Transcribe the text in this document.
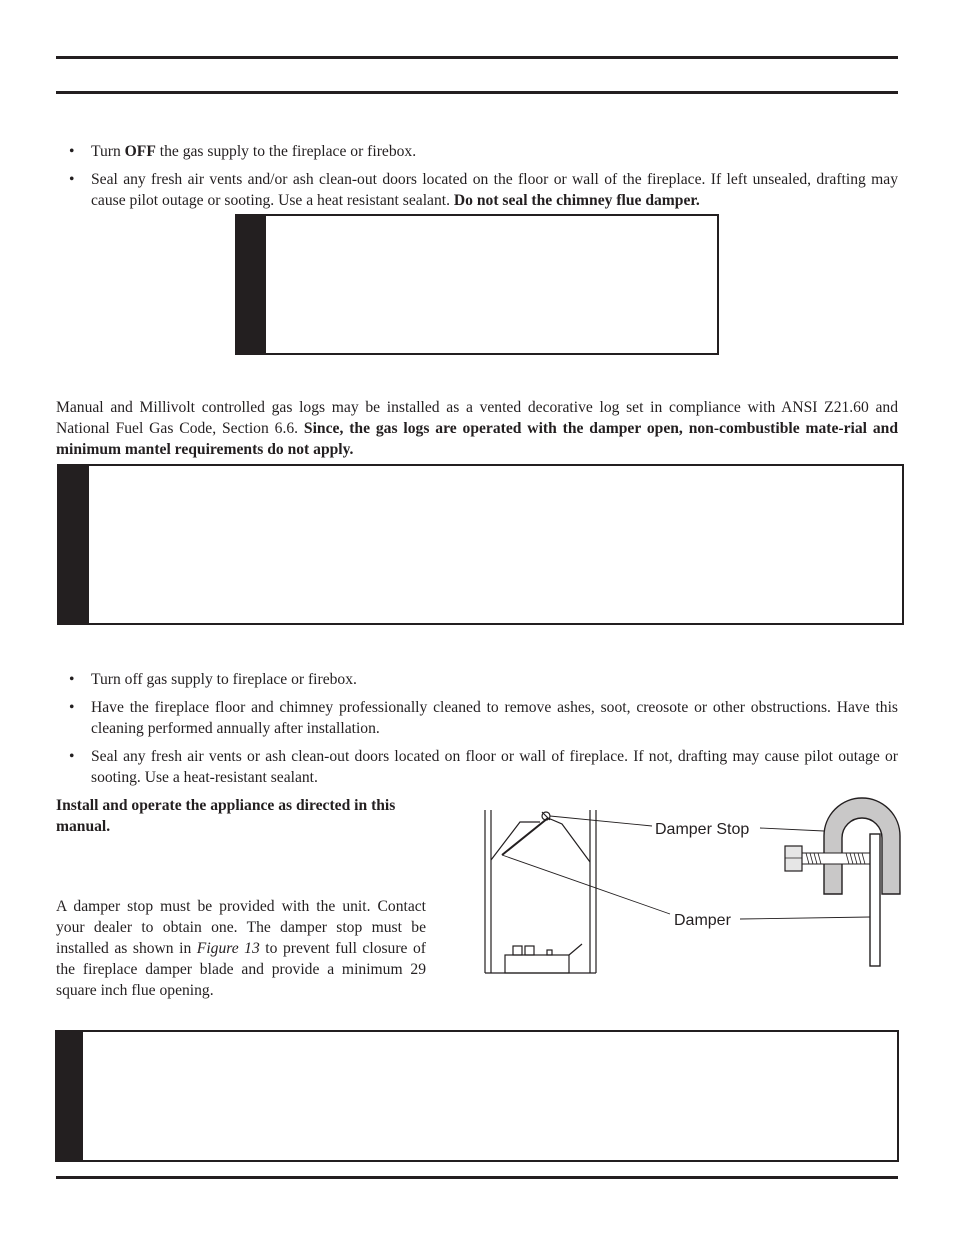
• Turn OFF the gas supply to the fireplace or firebox.
• Seal any fresh air vents and/or ash clean-out doors located on the floor or wall of the fireplace. If left unsealed, drafting may cause pilot outage or sooting. Use a heat resistant sealant. Do not seal the chimney flue damper.

Manual and Millivolt controlled gas logs may be installed as a vented decorative log set in compliance with ANSI Z21.60 and National Fuel Gas Code, Section 6.6. Since, the gas logs are operated with the damper open, non-combustible mate-rial and minimum mantel requirements do not apply.

• Turn off gas supply to fireplace or firebox.
• Have the fireplace floor and chimney professionally cleaned to remove ashes, soot, creosote or other obstructions. Have this cleaning performed annually after installation.
• Seal any fresh air vents or ash clean-out doors located on floor or wall of fireplace. If not, drafting may cause pilot outage or sooting. Use a heat-resistant sealant.

Install and operate the appliance as directed in this manual.

A damper stop must be provided with the unit. Contact your dealer to obtain one. The damper stop must be installed as shown in Figure 13 to prevent full closure of the fireplace damper blade and provide a minimum 29 square inch flue opening.

Damper Stop
Damper
